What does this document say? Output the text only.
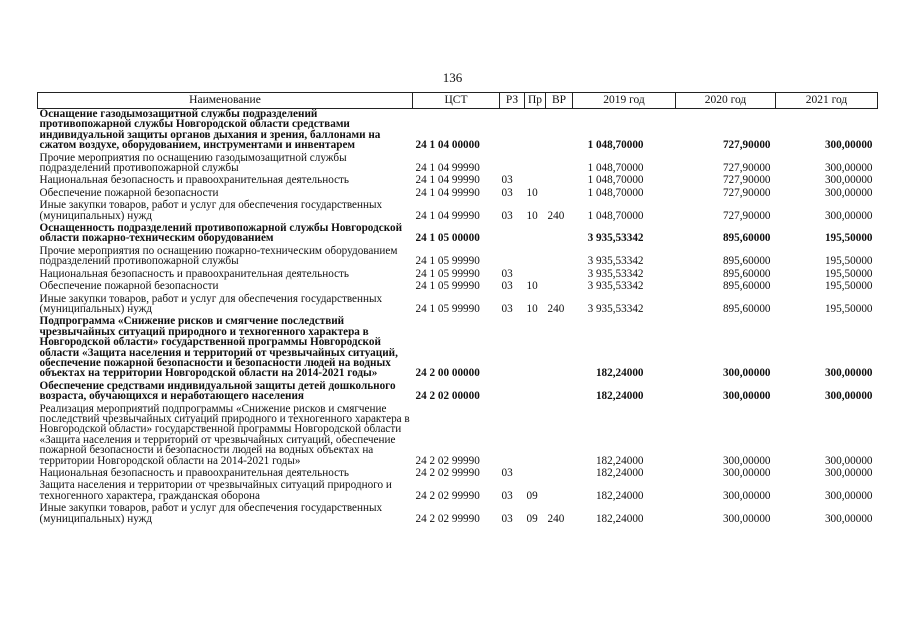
136
Наименование	ЦСТ	РЗ	Пр	ВР	2019 год	2020 год	2021 год
Оснащение газодымозащитной службы подразделений противопожарной службы Новгородской области средствами индивидуальной защиты органов дыхания и зрения, баллонами на сжатом воздухе, оборудованием, инструментами и инвентарем	24 1 04 00000				1 048,70000	727,90000	300,00000
Прочие мероприятия по оснащению газодымозащитной службы подразделений противопожарной службы	24 1 04 99990				1 048,70000	727,90000	300,00000
Национальная безопасность и правоохранительная деятельность	24 1 04 99990	03			1 048,70000	727,90000	300,00000
Обеспечение пожарной безопасности	24 1 04 99990	03	10		1 048,70000	727,90000	300,00000
Иные закупки товаров, работ и услуг для обеспечения государственных (муниципальных) нужд	24 1 04 99990	03	10	240	1 048,70000	727,90000	300,00000
Оснащенность подразделений противопожарной службы Новгородской области пожарно-техническим оборудованием	24 1 05 00000				3 935,53342	895,60000	195,50000
Прочие мероприятия по оснащению пожарно-техническим оборудованием подразделений противопожарной службы	24 1 05 99990				3 935,53342	895,60000	195,50000
Национальная безопасность и правоохранительная деятельность	24 1 05 99990	03			3 935,53342	895,60000	195,50000
Обеспечение пожарной безопасности	24 1 05 99990	03	10		3 935,53342	895,60000	195,50000
Иные закупки товаров, работ и услуг для обеспечения государственных (муниципальных) нужд	24 1 05 99990	03	10	240	3 935,53342	895,60000	195,50000
Подпрограмма «Снижение рисков и смягчение последствий чрезвычайных ситуаций природного и техногенного характера в Новгородской области» государственной программы Новгородской области «Защита населения и территорий от чрезвычайных ситуаций, обеспечение пожарной безопасности и безопасности людей на водных объектах на территории Новгородской области на 2014-2021 годы»	24 2 00 00000				182,24000	300,00000	300,00000
Обеспечение средствами индивидуальной защиты детей дошкольного возраста, обучающихся и неработающего населения	24 2 02 00000				182,24000	300,00000	300,00000
Реализация мероприятий подпрограммы «Снижение рисков и смягчение последствий чрезвычайных ситуаций природного и техногенного характера в Новгородской области» государственной программы Новгородской области «Защита населения и территорий от чрезвычайных ситуаций, обеспечение пожарной безопасности и безопасности людей на водных объектах на территории Новгородской области на 2014-2021 годы»	24 2 02 99990				182,24000	300,00000	300,00000
Национальная безопасность и правоохранительная деятельность	24 2 02 99990	03			182,24000	300,00000	300,00000
Защита населения и территории от чрезвычайных ситуаций природного и техногенного характера, гражданская оборона	24 2 02 99990	03	09		182,24000	300,00000	300,00000
Иные закупки товаров, работ и услуг для обеспечения государственных (муниципальных) нужд	24 2 02 99990	03	09	240	182,24000	300,00000	300,00000
